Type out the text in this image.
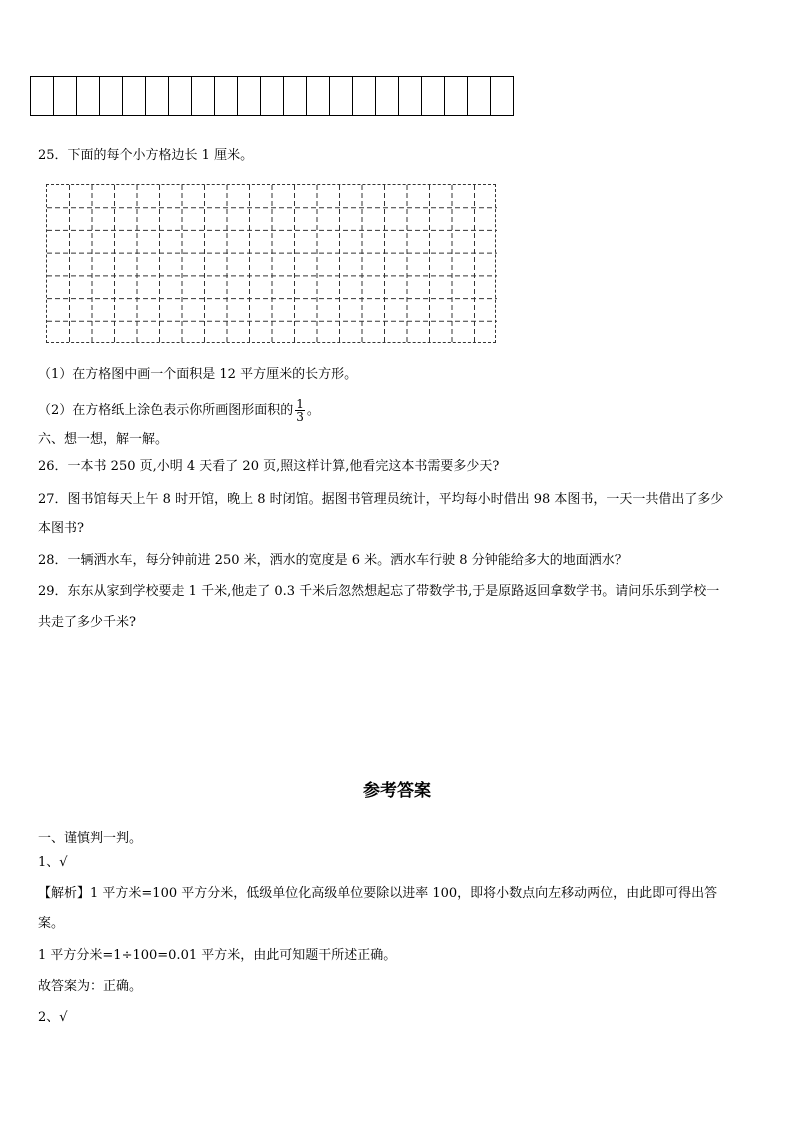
25．下面的每个小方格边长 1 厘米。
（1）在方格图中画一个面积是 12 平方厘米的长方形。
（2）在方格纸上涂色表示你所画图形面积的 $\frac{1}{3}$ 。
六、想一想，解一解。
26．一本书 250 页,小明 4 天看了 20 页,照这样计算,他看完这本书需要多少天?
27．图书馆每天上午 8 时开馆，晚上 8 时闭馆。据图书管理员统计，平均每小时借出 98 本图书，一天一共借出了多少
本图书?
28．一辆洒水车，每分钟前进 250 米，洒水的宽度是 6 米。洒水车行驶 8 分钟能给多大的地面洒水？
29．东东从家到学校要走 1 千米,他走了 0.3 千米后忽然想起忘了带数学书,于是原路返回拿数学书。请问乐乐到学校一
共走了多少千米?
参考答案
一、谨慎判一判。
1、√
【解析】1 平方米=100 平方分米，低级单位化高级单位要除以进率 100，即将小数点向左移动两位，由此即可得出答
案。
1 平方分米=1÷100=0.01 平方米，由此可知题干所述正确。
故答案为：正确。
2、√
